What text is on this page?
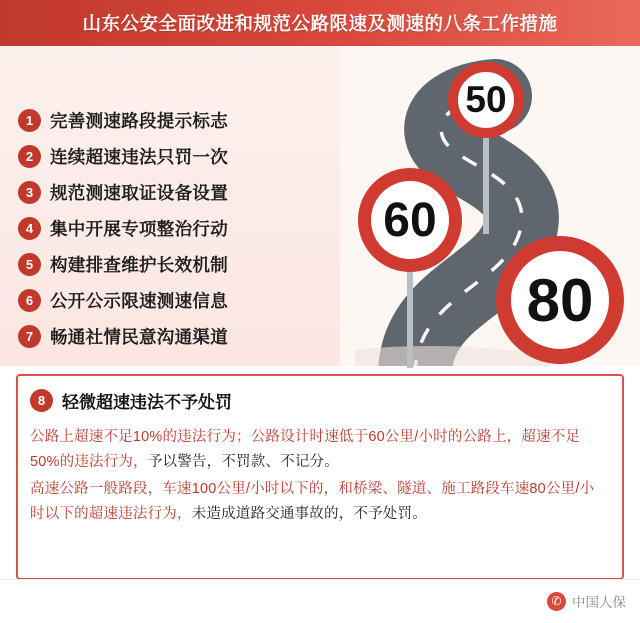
山东公安全面改进和规范公路限速及测速的八条工作措施
50
60
80
1 完善测速路段提示标志
2 连续超速违法只罚一次
3 规范测速取证设备设置
4 集中开展专项整治行动
5 构建排查维护长效机制
6 公开公示限速测速信息
7 畅通社情民意沟通渠道
8 轻微超速违法不予处罚
公路上超速不足10%的违法行为；公路设计时速低于60公里/小时的公路上，超速不足50%的违法行为，予以警告，不罚款、不记分。
高速公路一般路段，车速100公里/小时以下的，和桥梁、隧道、施工路段车速80公里/小时以下的超速违法行为，未造成道路交通事故的，不予处罚。
✆ 中国人保
